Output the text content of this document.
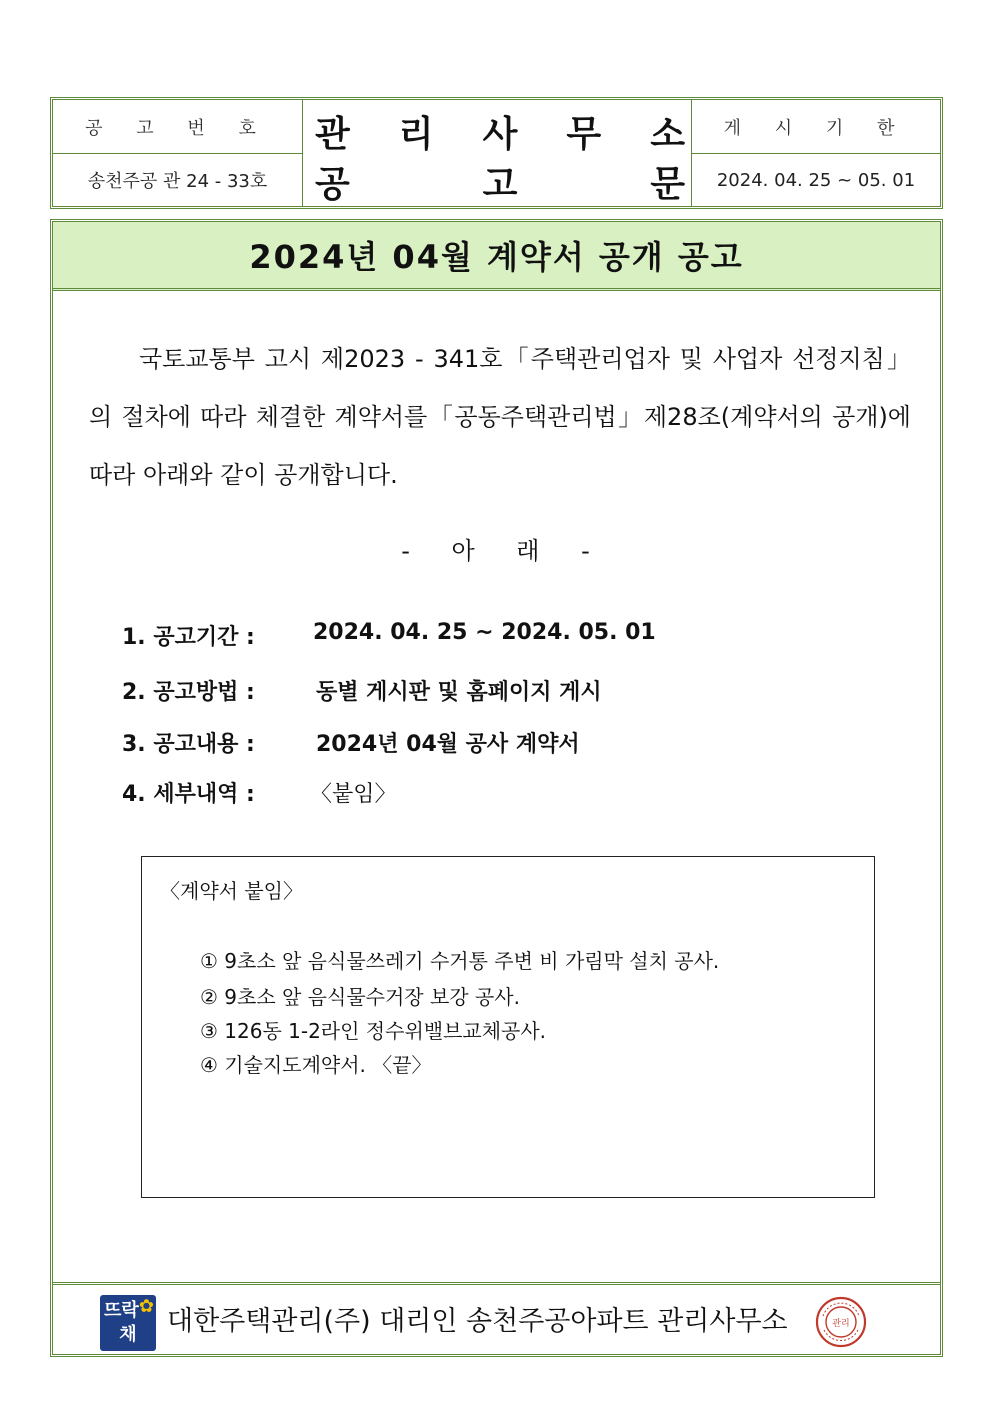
공 고 번 호
송천주공 관 24 - 33호
관 리 사 무 소
공	고	문
게 시 기 한
2024. 04. 25 ~ 05. 01
2024년 04월 계약서 공개 공고
국토교통부 고시 제2023 - 341호「주택관리업자 및 사업자 선정지침」의 절차에 따라 체결한 계약서를「공동주택관리법」제28조(계약서의 공개)에 따라 아래와 같이 공개합니다.
- 아 래 -
1. 공고기간 :	2024. 04. 25 ~ 2024. 05. 01
2. 공고방법 :	동별 게시판 및 홈페이지 게시
3. 공고내용 :	2024년 04월 공사 계약서
4. 세부내역 :	〈붙임〉
〈계약서 붙임〉
① 9초소 앞 음식물쓰레기 수거통 주변 비 가림막 설치 공사.
② 9초소 앞 음식물수거장 보강 공사.
③ 126동 1-2라인 정수위밸브교체공사.
④ 기술지도계약서. 〈끝〉
✿
뜨락
채	대한주택관리(주) 대리인 송천주공아파트 관리사무소	관리
